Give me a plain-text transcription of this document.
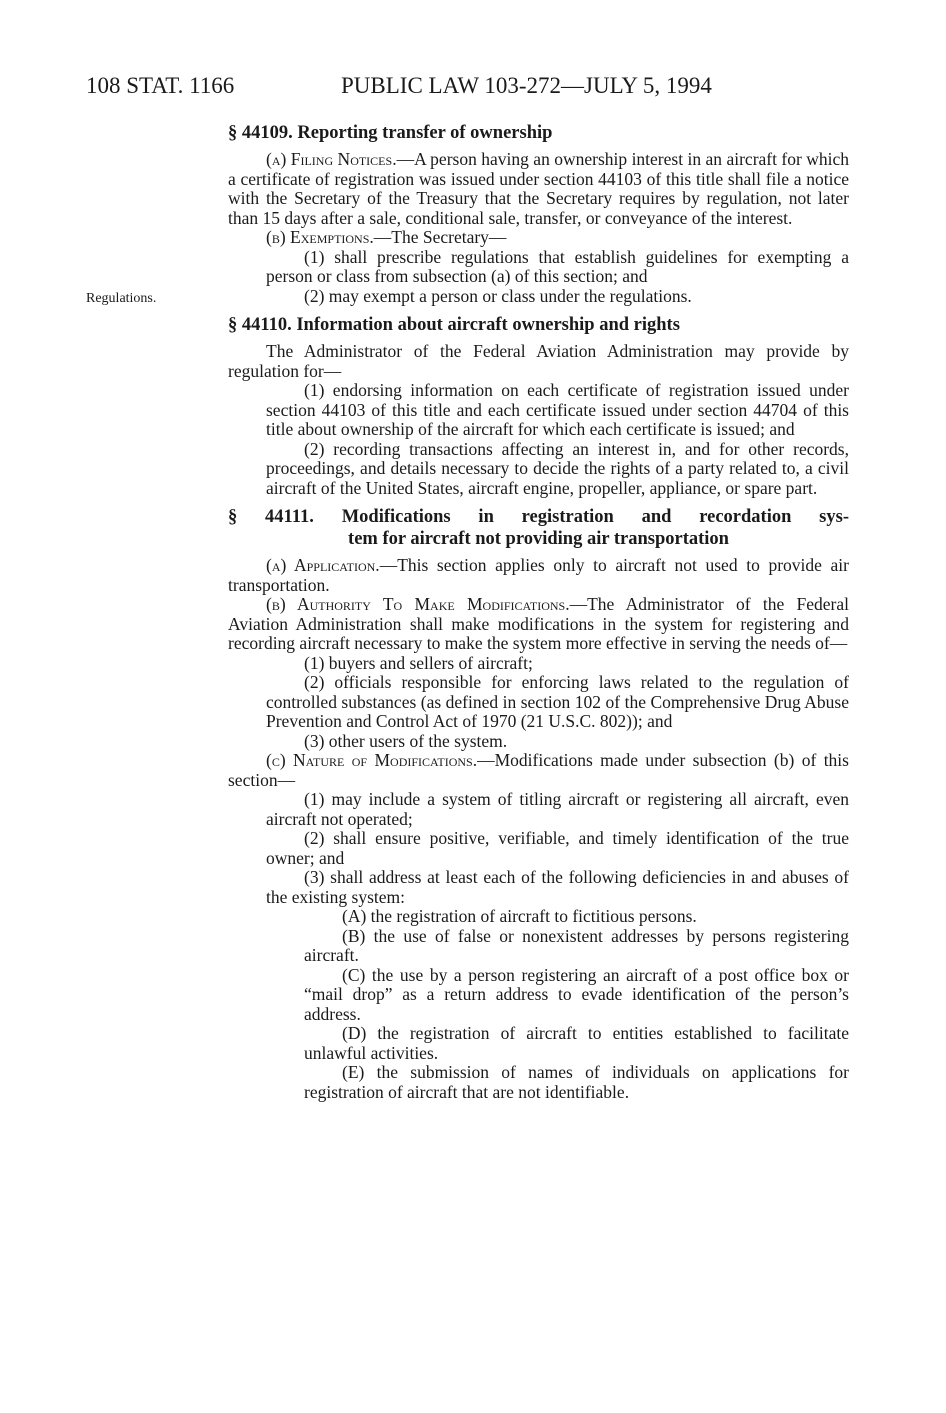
108 STAT. 1166	PUBLIC LAW 103-272—JULY 5, 1994
Regulations.

§ 44109. Reporting transfer of ownership

(a) Filing Notices.—A person having an ownership interest in an aircraft for which a certificate of registration was issued under section 44103 of this title shall file a notice with the Secretary of the Treasury that the Secretary requires by regulation, not later than 15 days after a sale, conditional sale, transfer, or conveyance of the interest.

(b) Exemptions.—The Secretary—

(1) shall prescribe regulations that establish guidelines for exempting a person or class from subsection (a) of this section; and

(2) may exempt a person or class under the regulations.

§ 44110. Information about aircraft ownership and rights

The Administrator of the Federal Aviation Administration may provide by regulation for—

(1) endorsing information on each certificate of registration issued under section 44103 of this title and each certificate issued under section 44704 of this title about ownership of the aircraft for which each certificate is issued; and

(2) recording transactions affecting an interest in, and for other records, proceedings, and details necessary to decide the rights of a party related to, a civil aircraft of the United States, aircraft engine, propeller, appliance, or spare part.

§ 44111. Modifications in registration and recordation sys-

tem for aircraft not providing air transportation

(a) Application.—This section applies only to aircraft not used to provide air transportation.

(b) Authority To Make Modifications.—The Administrator of the Federal Aviation Administration shall make modifications in the system for registering and recording aircraft necessary to make the system more effective in serving the needs of—

(1) buyers and sellers of aircraft;

(2) officials responsible for enforcing laws related to the regulation of controlled substances (as defined in section 102 of the Comprehensive Drug Abuse Prevention and Control Act of 1970 (21 U.S.C. 802)); and

(3) other users of the system.

(c) Nature of Modifications.—Modifications made under subsection (b) of this section—

(1) may include a system of titling aircraft or registering all aircraft, even aircraft not operated;

(2) shall ensure positive, verifiable, and timely identification of the true owner; and

(3) shall address at least each of the following deficiencies in and abuses of the existing system:

(A) the registration of aircraft to fictitious persons.

(B) the use of false or nonexistent addresses by persons registering aircraft.

(C) the use by a person registering an aircraft of a post office box or “mail drop” as a return address to evade identification of the person’s address.

(D) the registration of aircraft to entities established to facilitate unlawful activities.

(E) the submission of names of individuals on applications for registration of aircraft that are not identifiable.
